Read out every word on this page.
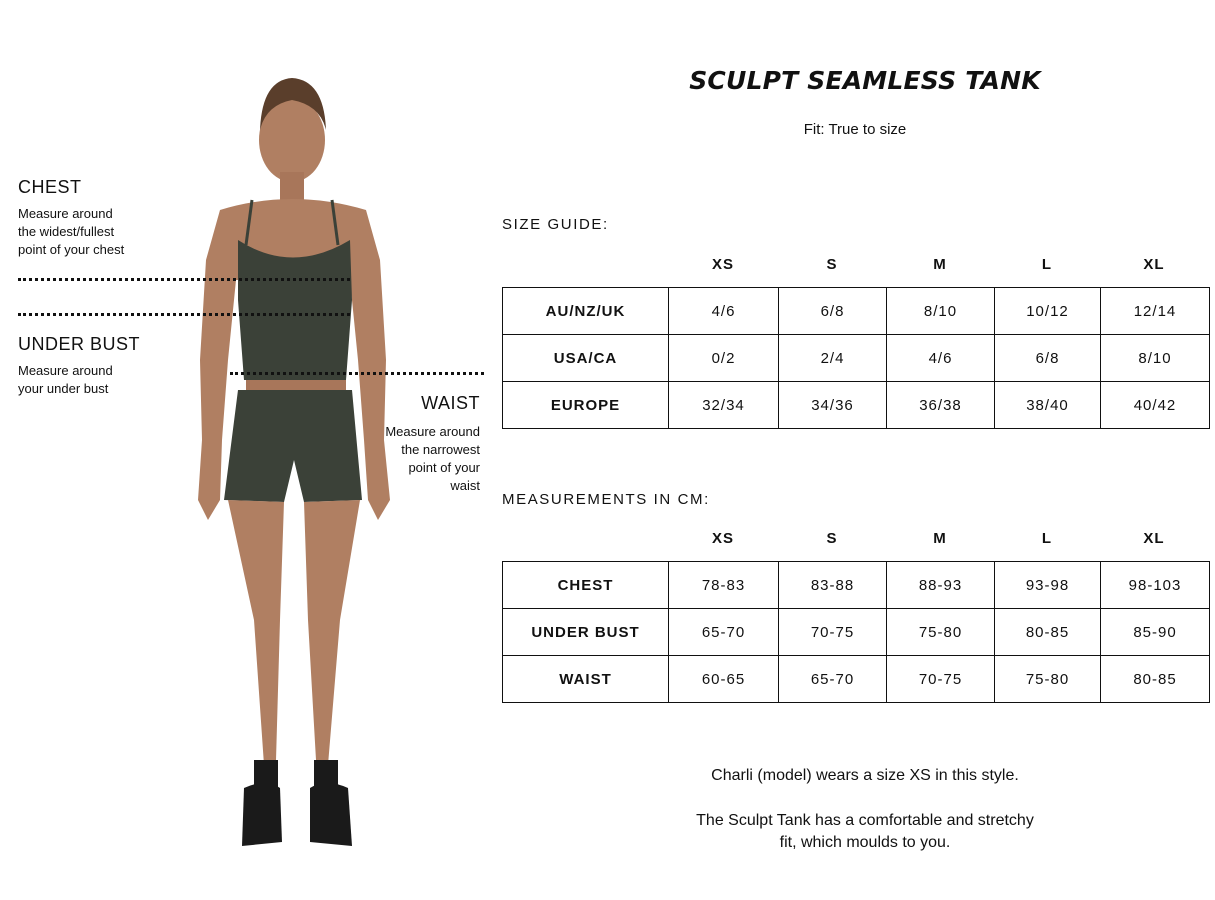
CHEST
Measure around
the widest/fullest
point of your chest
UNDER BUST
Measure around
your under bust
WAIST
Measure around
the narrowest
point of your
waist
SCULPT SEAMLESS TANK
Fit: True to size
SIZE GUIDE:
XS	S	M	L	XL
AU/NZ/UK	4/6	6/8	8/10	10/12	12/14
USA/CA	0/2	2/4	4/6	6/8	8/10
EUROPE	32/34	34/36	36/38	38/40	40/42
MEASUREMENTS IN CM:
XS	S	M	L	XL
CHEST	78-83	83-88	88-93	93-98	98-103
UNDER BUST	65-70	70-75	75-80	80-85	85-90
WAIST	60-65	65-70	70-75	75-80	80-85
Charli (model) wears a size XS in this style.
The Sculpt Tank has a comfortable and stretchy
fit, which moulds to you.
